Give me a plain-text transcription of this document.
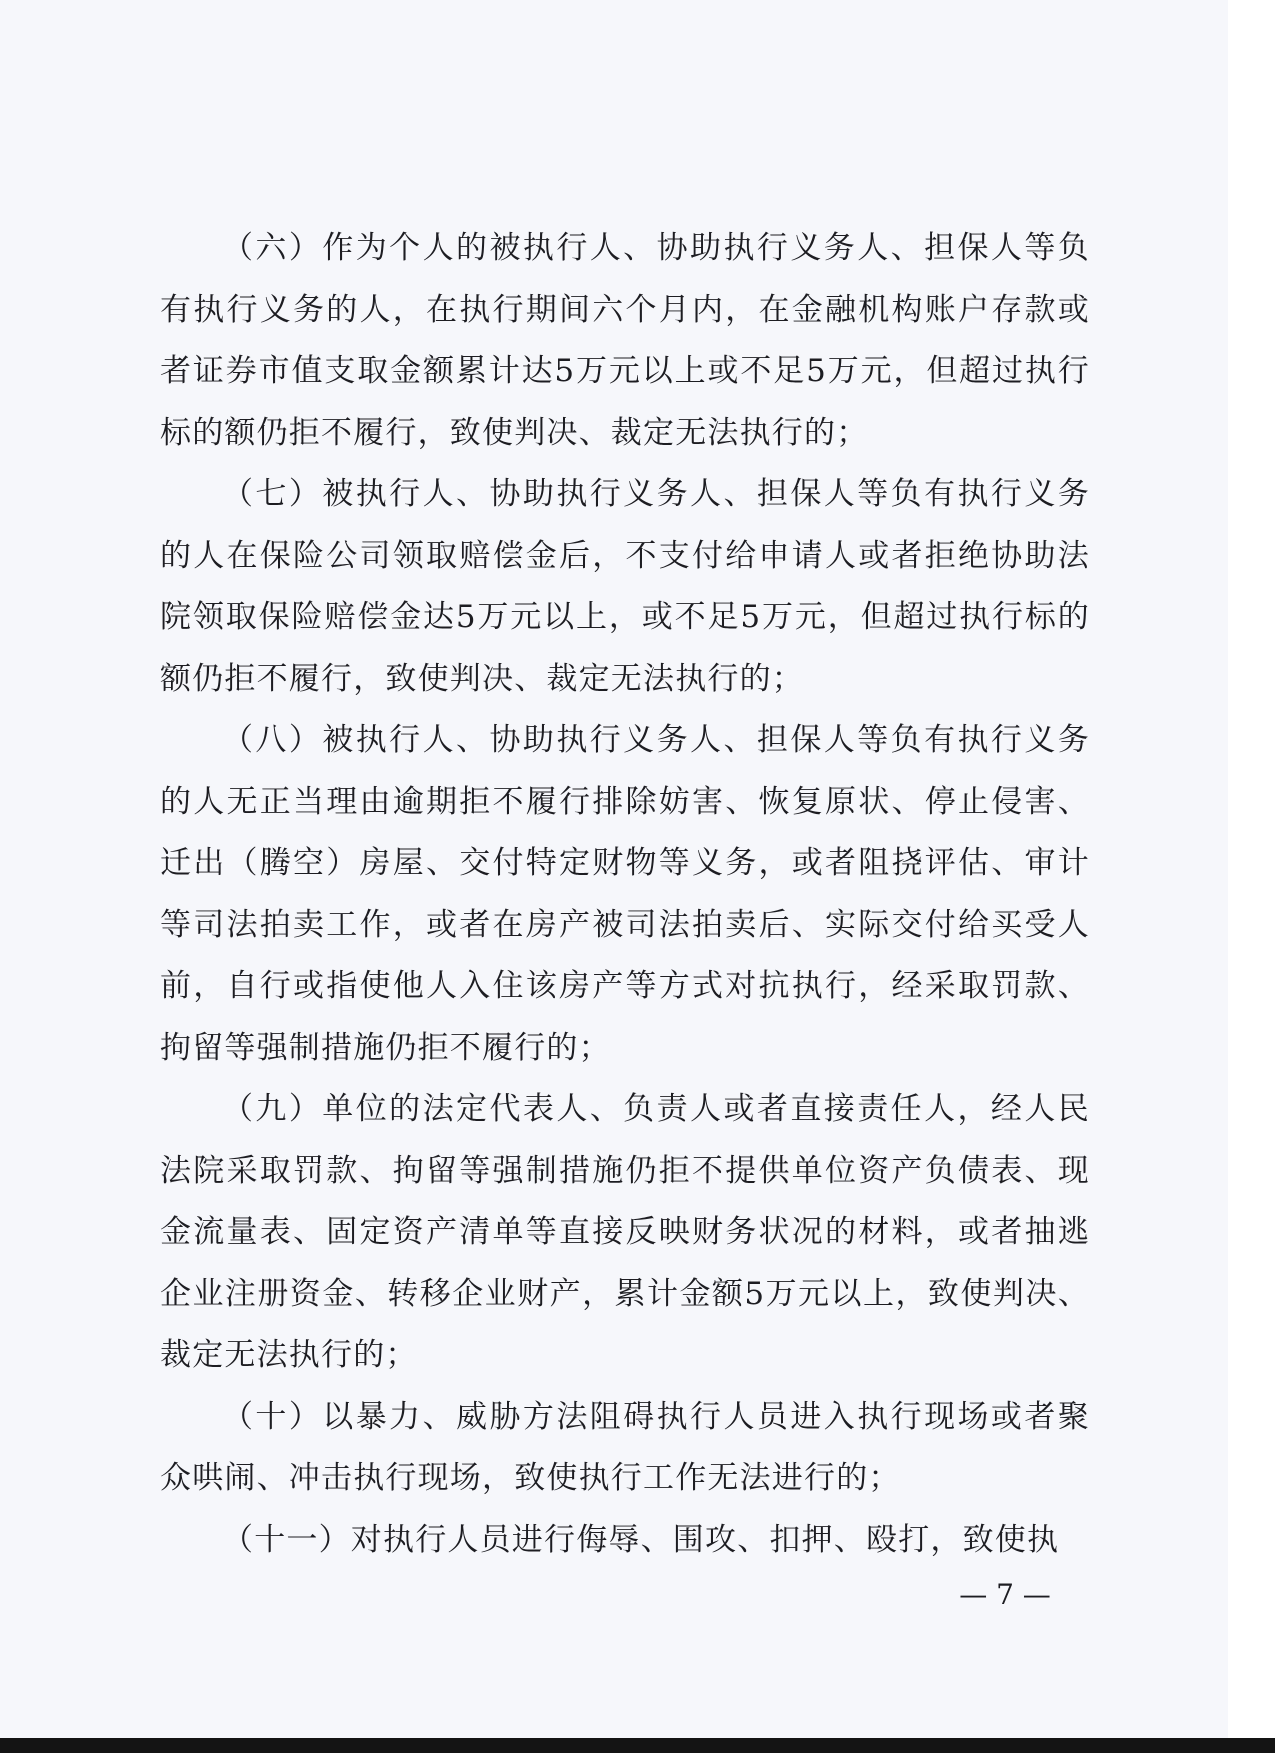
（六）作为个人的被执行人、协助执行义务人、担保人等负有执行义务的人，在执行期间六个月内，在金融机构账户存款或者证券市值支取金额累计达5万元以上或不足5万元，但超过执行标的额仍拒不履行，致使判决、裁定无法执行的；

（七）被执行人、协助执行义务人、担保人等负有执行义务的人在保险公司领取赔偿金后，不支付给申请人或者拒绝协助法院领取保险赔偿金达5万元以上，或不足5万元，但超过执行标的额仍拒不履行，致使判决、裁定无法执行的；

（八）被执行人、协助执行义务人、担保人等负有执行义务的人无正当理由逾期拒不履行排除妨害、恢复原状、停止侵害、迁出（腾空）房屋、交付特定财物等义务，或者阻挠评估、审计等司法拍卖工作，或者在房产被司法拍卖后、实际交付给买受人前，自行或指使他人入住该房产等方式对抗执行，经采取罚款、拘留等强制措施仍拒不履行的；

（九）单位的法定代表人、负责人或者直接责任人，经人民法院采取罚款、拘留等强制措施仍拒不提供单位资产负债表、现金流量表、固定资产清单等直接反映财务状况的材料，或者抽逃企业注册资金、转移企业财产，累计金额5万元以上，致使判决、裁定无法执行的；

（十）以暴力、威胁方法阻碍执行人员进入执行现场或者聚众哄闹、冲击执行现场，致使执行工作无法进行的；

（十一）对执行人员进行侮辱、围攻、扣押、殴打，致使执

— 7 —
